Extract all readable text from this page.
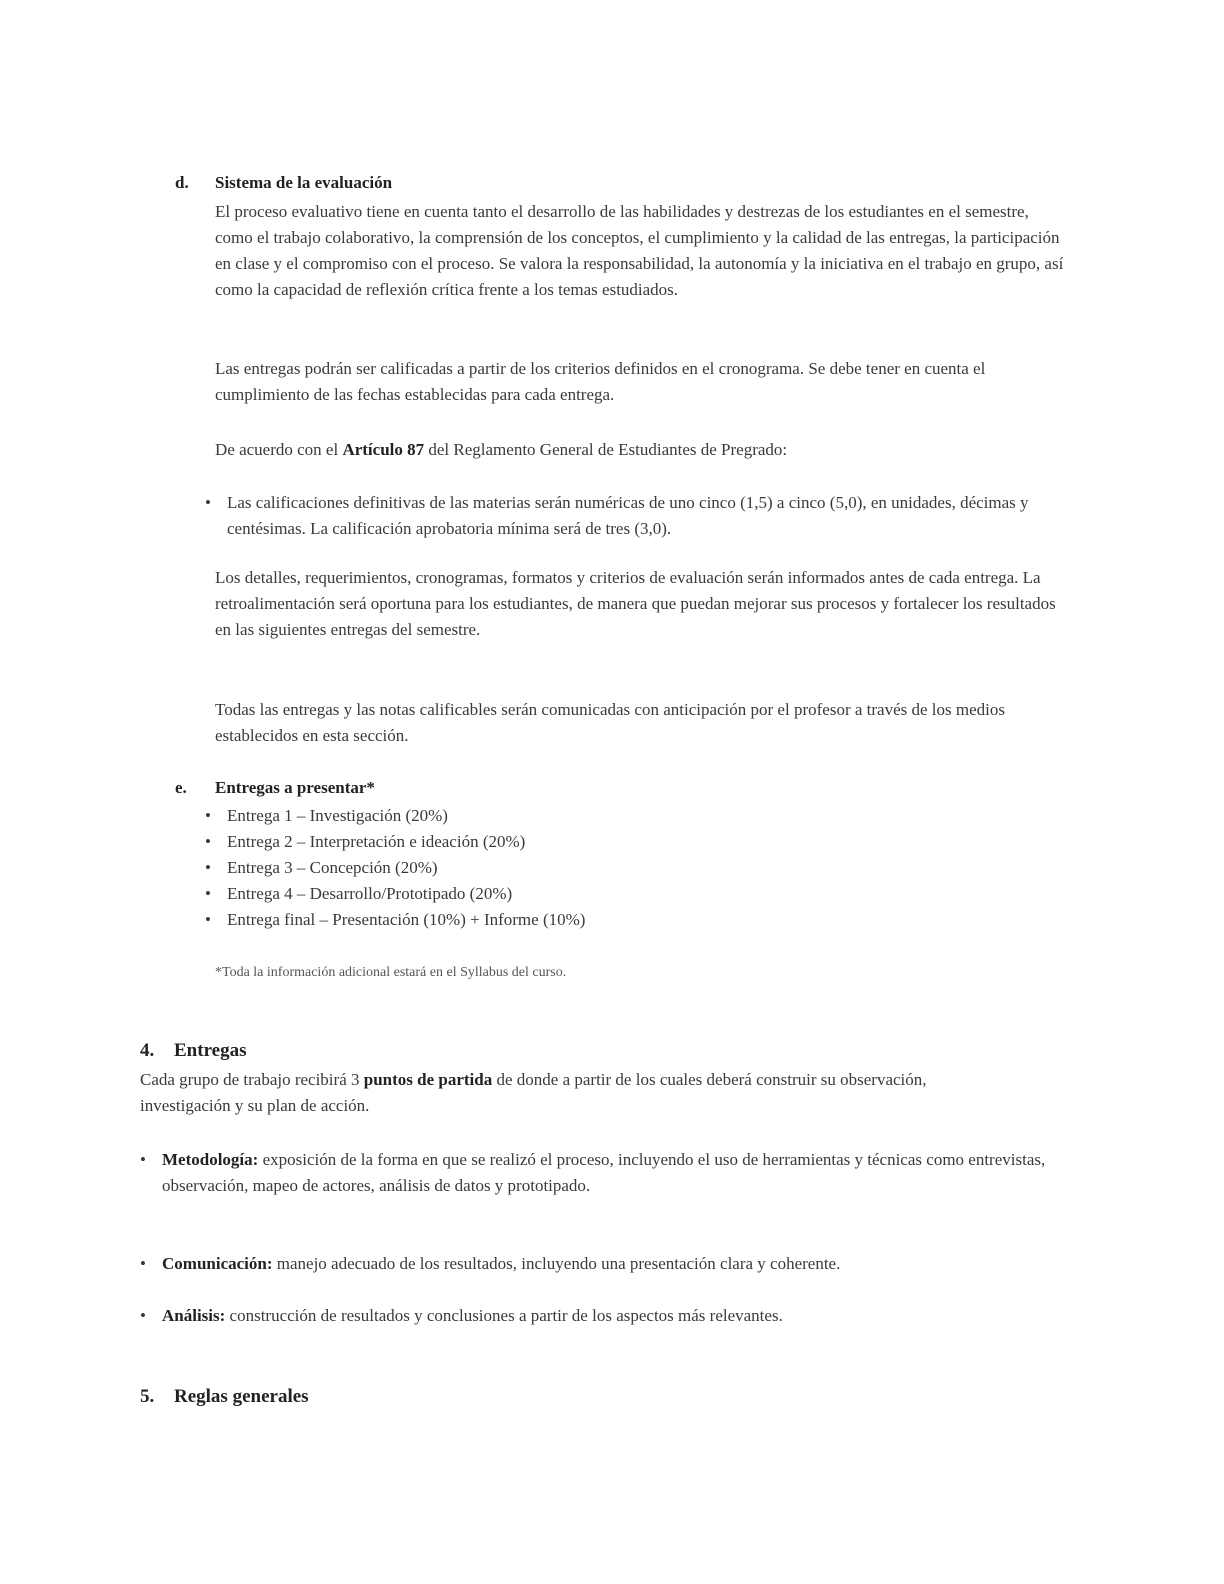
d. Sistema de la evaluación

El proceso evaluativo tiene en cuenta tanto el desarrollo de las habilidades y destrezas de los estudiantes en el semestre, como el trabajo colaborativo, la comprensión de los conceptos, el cumplimiento y la calidad de las entregas, la participación en clase y el compromiso con el proceso. Se valora la responsabilidad, la autonomía y la iniciativa en el trabajo en grupo, así como la capacidad de reflexión crítica frente a los temas estudiados.

Las entregas podrán ser calificadas a partir de los criterios definidos en el cronograma. Se debe tener en cuenta el cumplimiento de las fechas establecidas para cada entrega.

De acuerdo con el Artículo 87 del Reglamento General de Estudiantes de Pregrado:

• Las calificaciones definitivas de las materias serán numéricas de uno cinco (1,5) a cinco (5,0), en unidades, décimas y centésimas. La calificación aprobatoria mínima será de tres (3,0).

Los detalles, requerimientos, cronogramas, formatos y criterios de evaluación serán informados antes de cada entrega. La retroalimentación será oportuna para los estudiantes, de manera que puedan mejorar sus procesos y fortalecer los resultados en las siguientes entregas del semestre.

Todas las entregas y las notas calificables serán comunicadas con anticipación por el profesor a través de los medios establecidos en esta sección.

e. Entregas a presentar*

• Entrega 1 – Investigación (20%)
• Entrega 2 – Interpretación e ideación (20%)
• Entrega 3 – Concepción (20%)
• Entrega 4 – Desarrollo/Prototipado (20%)
• Entrega final – Presentación (10%) + Informe (10%)

*Toda la información adicional estará en el Syllabus del curso.

4. Entregas

Cada grupo de trabajo recibirá 3 puntos de partida de donde a partir de los cuales deberá construir su observación, investigación y su plan de acción.

• Metodología: exposición de la forma en que se realizó el proceso, incluyendo el uso de herramientas y técnicas como entrevistas, observación, mapeo de actores, análisis de datos y prototipado.
• Comunicación: manejo adecuado de los resultados, incluyendo una presentación clara y coherente.
• Análisis: construcción de resultados y conclusiones a partir de los aspectos más relevantes.

5. Reglas generales
